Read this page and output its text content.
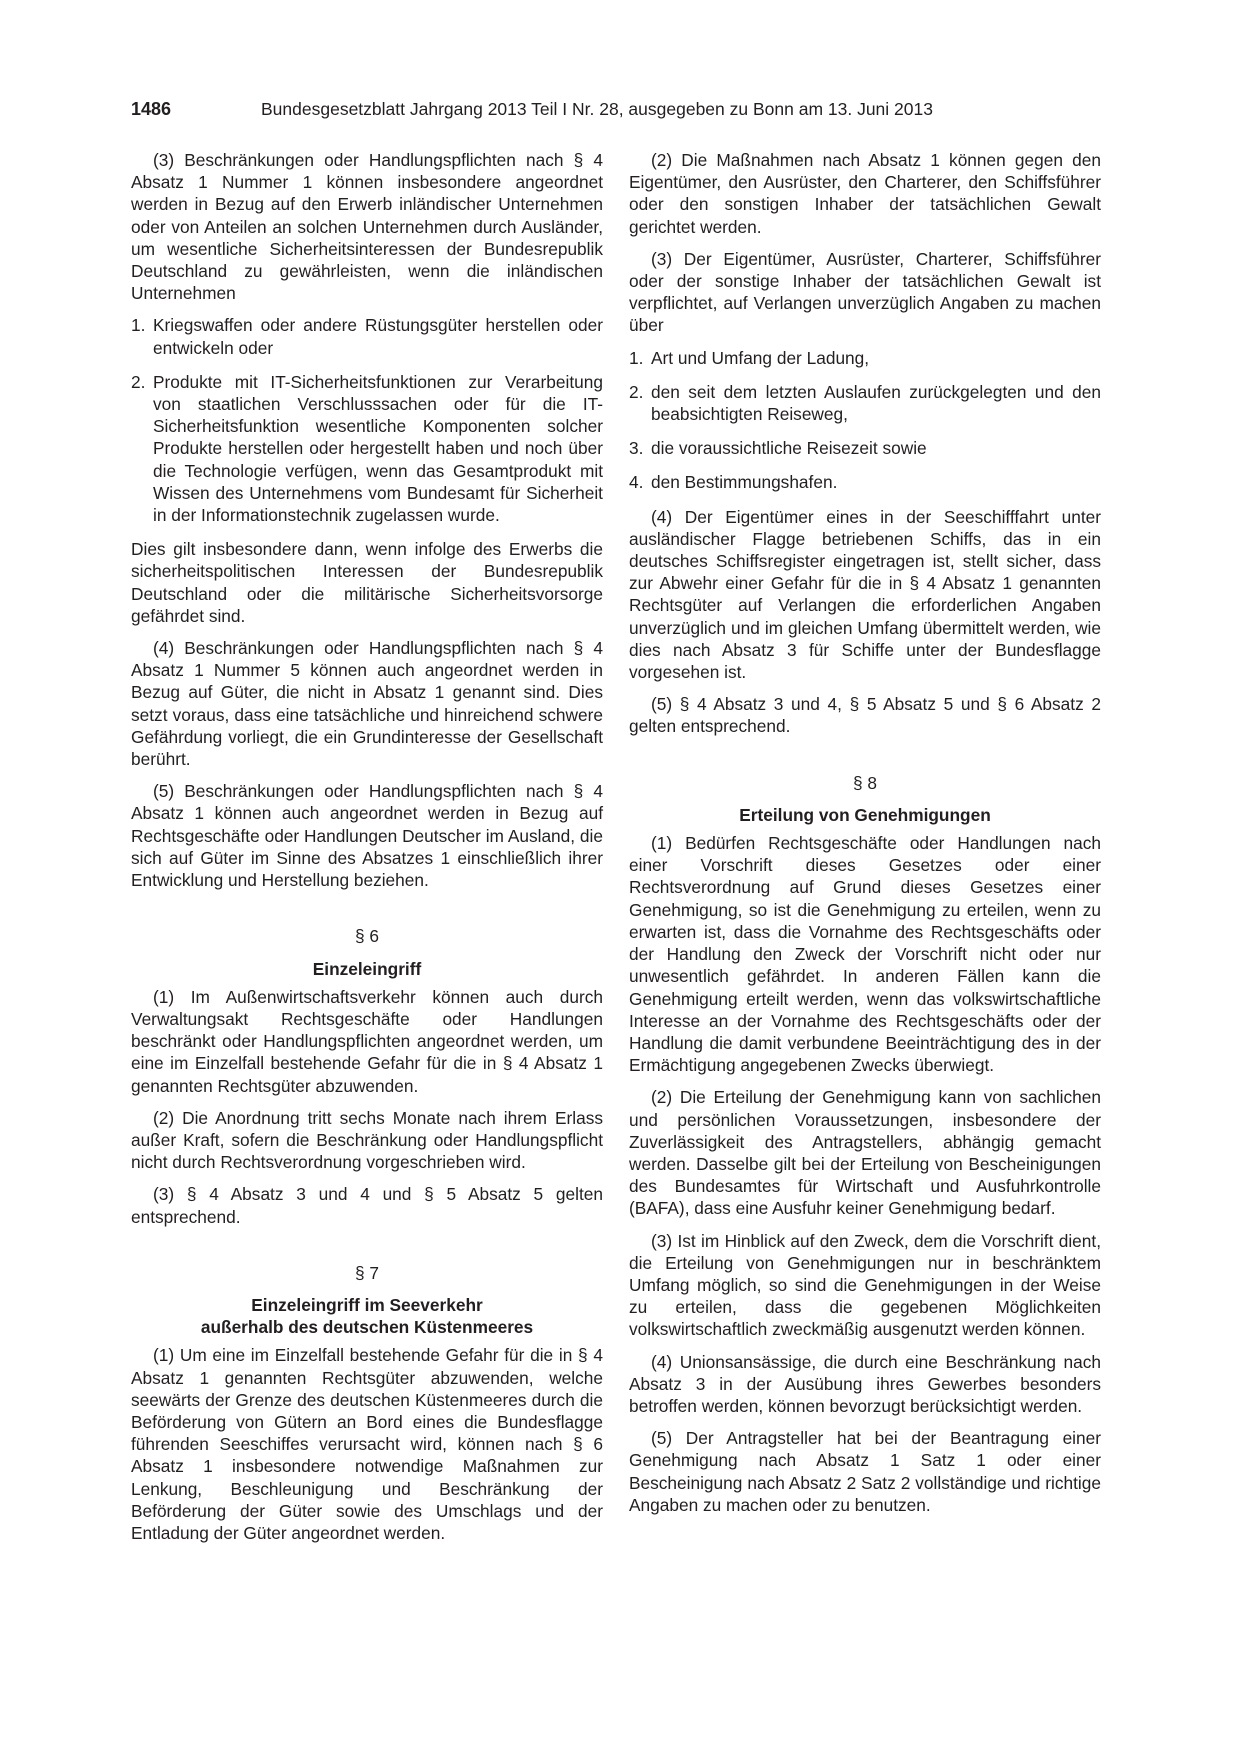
1486	Bundesgesetzblatt Jahrgang 2013 Teil I Nr. 28, ausgegeben zu Bonn am 13. Juni 2013

(3) Beschränkungen oder Handlungspflichten nach § 4 Absatz 1 Nummer 1 können insbesondere angeordnet werden in Bezug auf den Erwerb inländischer Unternehmen oder von Anteilen an solchen Unternehmen durch Ausländer, um wesentliche Sicherheitsinteressen der Bundesrepublik Deutschland zu gewährleisten, wenn die inländischen Unternehmen

1. Kriegswaffen oder andere Rüstungsgüter herstellen oder entwickeln oder
2. Produkte mit IT-Sicherheitsfunktionen zur Verarbeitung von staatlichen Verschlusssachen oder für die IT-Sicherheitsfunktion wesentliche Komponenten solcher Produkte herstellen oder hergestellt haben und noch über die Technologie verfügen, wenn das Gesamtprodukt mit Wissen des Unternehmens vom Bundesamt für Sicherheit in der Informationstechnik zugelassen wurde.

Dies gilt insbesondere dann, wenn infolge des Erwerbs die sicherheitspolitischen Interessen der Bundesrepublik Deutschland oder die militärische Sicherheitsvorsorge gefährdet sind.

(4) Beschränkungen oder Handlungspflichten nach § 4 Absatz 1 Nummer 5 können auch angeordnet werden in Bezug auf Güter, die nicht in Absatz 1 genannt sind. Dies setzt voraus, dass eine tatsächliche und hinreichend schwere Gefährdung vorliegt, die ein Grundinteresse der Gesellschaft berührt.

(5) Beschränkungen oder Handlungspflichten nach § 4 Absatz 1 können auch angeordnet werden in Bezug auf Rechtsgeschäfte oder Handlungen Deutscher im Ausland, die sich auf Güter im Sinne des Absatzes 1 einschließlich ihrer Entwicklung und Herstellung beziehen.

§ 6
Einzeleingriff

(1) Im Außenwirtschaftsverkehr können auch durch Verwaltungsakt Rechtsgeschäfte oder Handlungen beschränkt oder Handlungspflichten angeordnet werden, um eine im Einzelfall bestehende Gefahr für die in § 4 Absatz 1 genannten Rechtsgüter abzuwenden.

(2) Die Anordnung tritt sechs Monate nach ihrem Erlass außer Kraft, sofern die Beschränkung oder Handlungspflicht nicht durch Rechtsverordnung vorgeschrieben wird.

(3) § 4 Absatz 3 und 4 und § 5 Absatz 5 gelten entsprechend.

§ 7
Einzeleingriff im Seeverkehr
außerhalb des deutschen Küstenmeeres

(1) Um eine im Einzelfall bestehende Gefahr für die in § 4 Absatz 1 genannten Rechtsgüter abzuwenden, welche seewärts der Grenze des deutschen Küstenmeeres durch die Beförderung von Gütern an Bord eines die Bundesflagge führenden Seeschiffes verursacht wird, können nach § 6 Absatz 1 insbesondere notwendige Maßnahmen zur Lenkung, Beschleunigung und Beschränkung der Beförderung der Güter sowie des Umschlags und der Entladung der Güter angeordnet werden.

(2) Die Maßnahmen nach Absatz 1 können gegen den Eigentümer, den Ausrüster, den Charterer, den Schiffsführer oder den sonstigen Inhaber der tatsächlichen Gewalt gerichtet werden.

(3) Der Eigentümer, Ausrüster, Charterer, Schiffsführer oder der sonstige Inhaber der tatsächlichen Gewalt ist verpflichtet, auf Verlangen unverzüglich Angaben zu machen über

1. Art und Umfang der Ladung,
2. den seit dem letzten Auslaufen zurückgelegten und den beabsichtigten Reiseweg,
3. die voraussichtliche Reisezeit sowie
4. den Bestimmungshafen.

(4) Der Eigentümer eines in der Seeschifffahrt unter ausländischer Flagge betriebenen Schiffs, das in ein deutsches Schiffsregister eingetragen ist, stellt sicher, dass zur Abwehr einer Gefahr für die in § 4 Absatz 1 genannten Rechtsgüter auf Verlangen die erforderlichen Angaben unverzüglich und im gleichen Umfang übermittelt werden, wie dies nach Absatz 3 für Schiffe unter der Bundesflagge vorgesehen ist.

(5) § 4 Absatz 3 und 4, § 5 Absatz 5 und § 6 Absatz 2 gelten entsprechend.

§ 8
Erteilung von Genehmigungen

(1) Bedürfen Rechtsgeschäfte oder Handlungen nach einer Vorschrift dieses Gesetzes oder einer Rechtsverordnung auf Grund dieses Gesetzes einer Genehmigung, so ist die Genehmigung zu erteilen, wenn zu erwarten ist, dass die Vornahme des Rechtsgeschäfts oder der Handlung den Zweck der Vorschrift nicht oder nur unwesentlich gefährdet. In anderen Fällen kann die Genehmigung erteilt werden, wenn das volkswirtschaftliche Interesse an der Vornahme des Rechtsgeschäfts oder der Handlung die damit verbundene Beeinträchtigung des in der Ermächtigung angegebenen Zwecks überwiegt.

(2) Die Erteilung der Genehmigung kann von sachlichen und persönlichen Voraussetzungen, insbesondere der Zuverlässigkeit des Antragstellers, abhängig gemacht werden. Dasselbe gilt bei der Erteilung von Bescheinigungen des Bundesamtes für Wirtschaft und Ausfuhrkontrolle (BAFA), dass eine Ausfuhr keiner Genehmigung bedarf.

(3) Ist im Hinblick auf den Zweck, dem die Vorschrift dient, die Erteilung von Genehmigungen nur in beschränktem Umfang möglich, so sind die Genehmigungen in der Weise zu erteilen, dass die gegebenen Möglichkeiten volkswirtschaftlich zweckmäßig ausgenutzt werden können.

(4) Unionsansässige, die durch eine Beschränkung nach Absatz 3 in der Ausübung ihres Gewerbes besonders betroffen werden, können bevorzugt berücksichtigt werden.

(5) Der Antragsteller hat bei der Beantragung einer Genehmigung nach Absatz 1 Satz 1 oder einer Bescheinigung nach Absatz 2 Satz 2 vollständige und richtige Angaben zu machen oder zu benutzen.
